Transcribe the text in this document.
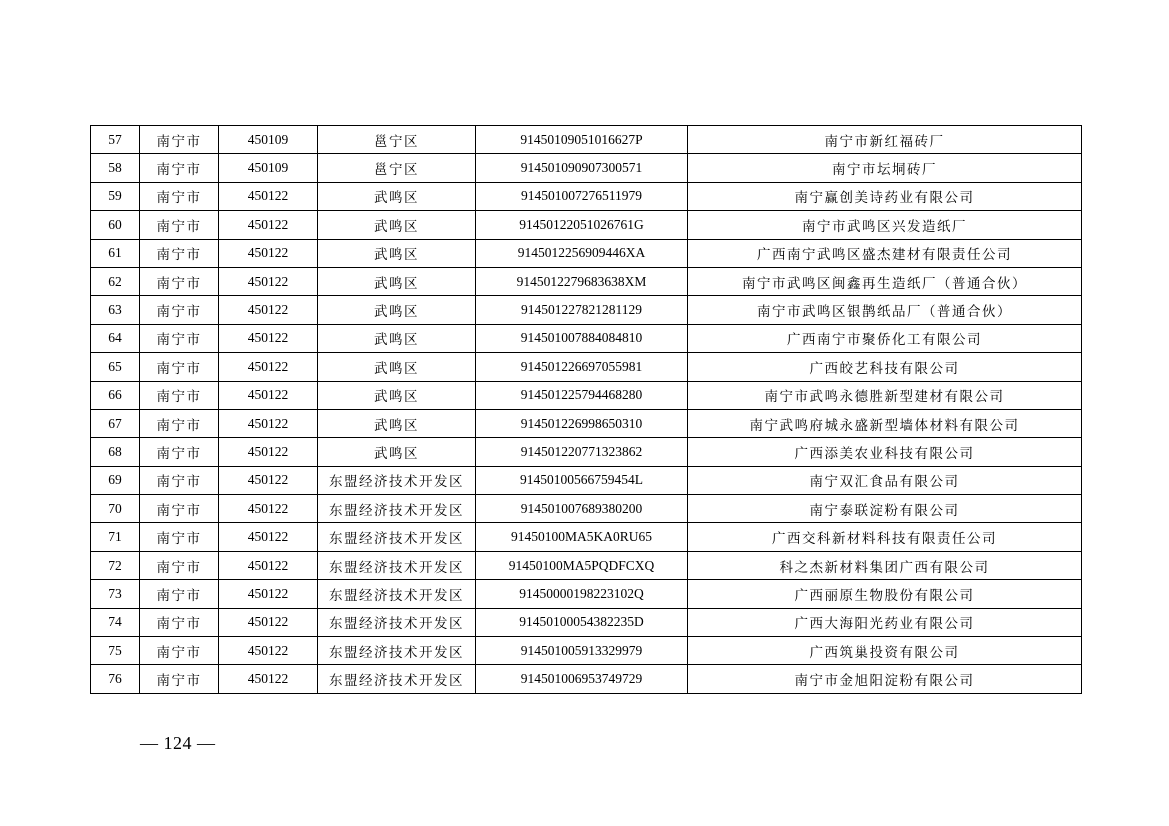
57	南宁市	450109	邕宁区	91450109051016627P	南宁市新红福砖厂
58	南宁市	450109	邕宁区	914501090907300571	南宁市坛垌砖厂
59	南宁市	450122	武鸣区	914501007276511979	南宁赢创美诗药业有限公司
60	南宁市	450122	武鸣区	91450122051026761G	南宁市武鸣区兴发造纸厂
61	南宁市	450122	武鸣区	9145012256909446XA	广西南宁武鸣区盛杰建材有限责任公司
62	南宁市	450122	武鸣区	9145012279683638XM	南宁市武鸣区闽鑫再生造纸厂（普通合伙）
63	南宁市	450122	武鸣区	914501227821281129	南宁市武鸣区银鹊纸品厂（普通合伙）
64	南宁市	450122	武鸣区	914501007884084810	广西南宁市聚侨化工有限公司
65	南宁市	450122	武鸣区	914501226697055981	广西皎艺科技有限公司
66	南宁市	450122	武鸣区	914501225794468280	南宁市武鸣永德胜新型建材有限公司
67	南宁市	450122	武鸣区	914501226998650310	南宁武鸣府城永盛新型墙体材料有限公司
68	南宁市	450122	武鸣区	914501220771323862	广西添美农业科技有限公司
69	南宁市	450122	东盟经济技术开发区	91450100566759454L	南宁双汇食品有限公司
70	南宁市	450122	东盟经济技术开发区	914501007689380200	南宁泰联淀粉有限公司
71	南宁市	450122	东盟经济技术开发区	91450100MA5KA0RU65	广西交科新材料科技有限责任公司
72	南宁市	450122	东盟经济技术开发区	91450100MA5PQDFCXQ	科之杰新材料集团广西有限公司
73	南宁市	450122	东盟经济技术开发区	91450000198223102Q	广西丽原生物股份有限公司
74	南宁市	450122	东盟经济技术开发区	91450100054382235D	广西大海阳光药业有限公司
75	南宁市	450122	东盟经济技术开发区	914501005913329979	广西筑巢投资有限公司
76	南宁市	450122	东盟经济技术开发区	914501006953749729	南宁市金旭阳淀粉有限公司
— 124 —
